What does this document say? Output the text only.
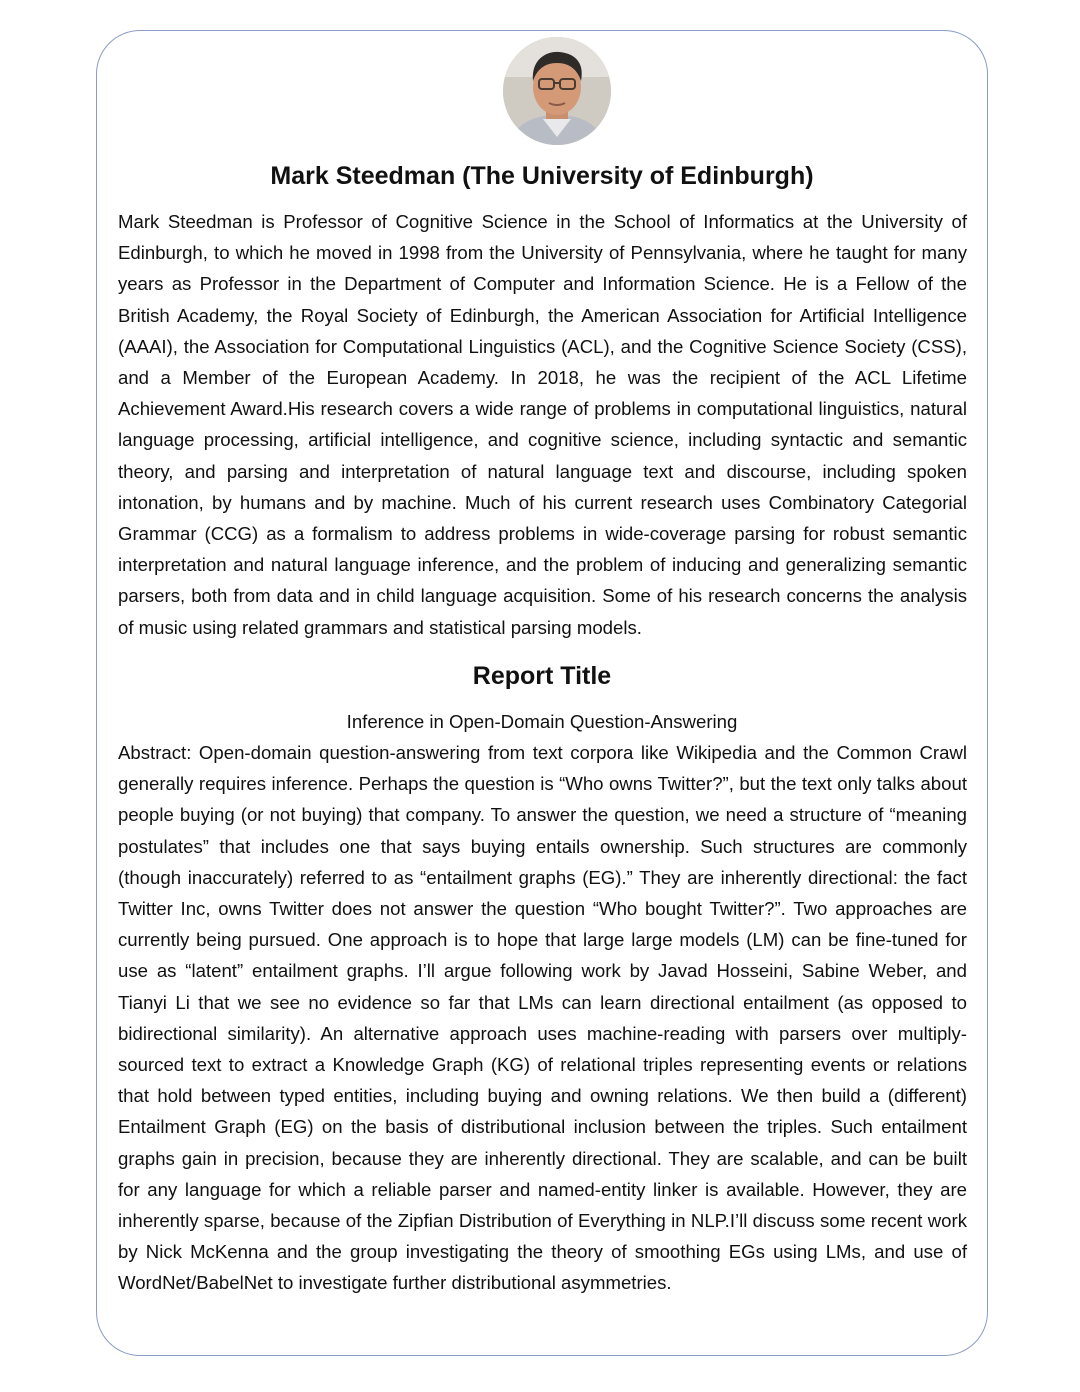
Mark Steedman (The University of Edinburgh)

Mark Steedman is Professor of Cognitive Science in the School of Informatics at the University of Edinburgh, to which he moved in 1998 from the University of Pennsylvania, where he taught for many years as Professor in the Department of Computer and Information Science. He is a Fellow of the British Academy, the Royal Society of Edinburgh, the American Association for Artificial Intelligence (AAAI), the Association for Computational Linguistics (ACL), and the Cognitive Science Society (CSS), and a Member of the European Academy. In 2018, he was the recipient of the ACL Lifetime Achievement Award.His research covers a wide range of problems in computational linguistics, natural language processing, artificial intelligence, and cognitive science, including syntactic and semantic theory, and parsing and interpretation of natural language text and discourse, including spoken intonation, by humans and by machine. Much of his current research uses Combinatory Categorial Grammar (CCG) as a formalism to address problems in wide-coverage parsing for robust semantic interpretation and natural language inference, and the problem of inducing and generalizing semantic parsers, both from data and in child language acquisition. Some of his research concerns the analysis of music using related grammars and statistical parsing models.

Report Title

Inference in Open-Domain Question-Answering

Abstract: Open-domain question-answering from text corpora like Wikipedia and the Common Crawl generally requires inference. Perhaps the question is “Who owns Twitter?”, but the text only talks about people buying (or not buying) that company. To answer the question, we need a structure of “meaning postulates” that includes one that says buying entails ownership. Such structures are commonly (though inaccurately) referred to as “entailment graphs (EG).” They are inherently directional: the fact Twitter Inc, owns Twitter does not answer the question “Who bought Twitter?”. Two approaches are currently being pursued. One approach is to hope that large large models (LM) can be fine-tuned for use as “latent” entailment graphs. I’ll argue following work by Javad Hosseini, Sabine Weber, and Tianyi Li that we see no evidence so far that LMs can learn directional entailment (as opposed to bidirectional similarity). An alternative approach uses machine-reading with parsers over multiply-sourced text to extract a Knowledge Graph (KG) of relational triples representing events or relations that hold between typed entities, including buying and owning relations. We then build a (different) Entailment Graph (EG) on the basis of distributional inclusion between the triples. Such entailment graphs gain in precision, because they are inherently directional. They are scalable, and can be built for any language for which a reliable parser and named-entity linker is available. However, they are inherently sparse, because of the Zipfian Distribution of Everything in NLP.I’ll discuss some recent work by Nick McKenna and the group investigating the theory of smoothing EGs using LMs, and use of WordNet/BabelNet to investigate further distributional asymmetries.
